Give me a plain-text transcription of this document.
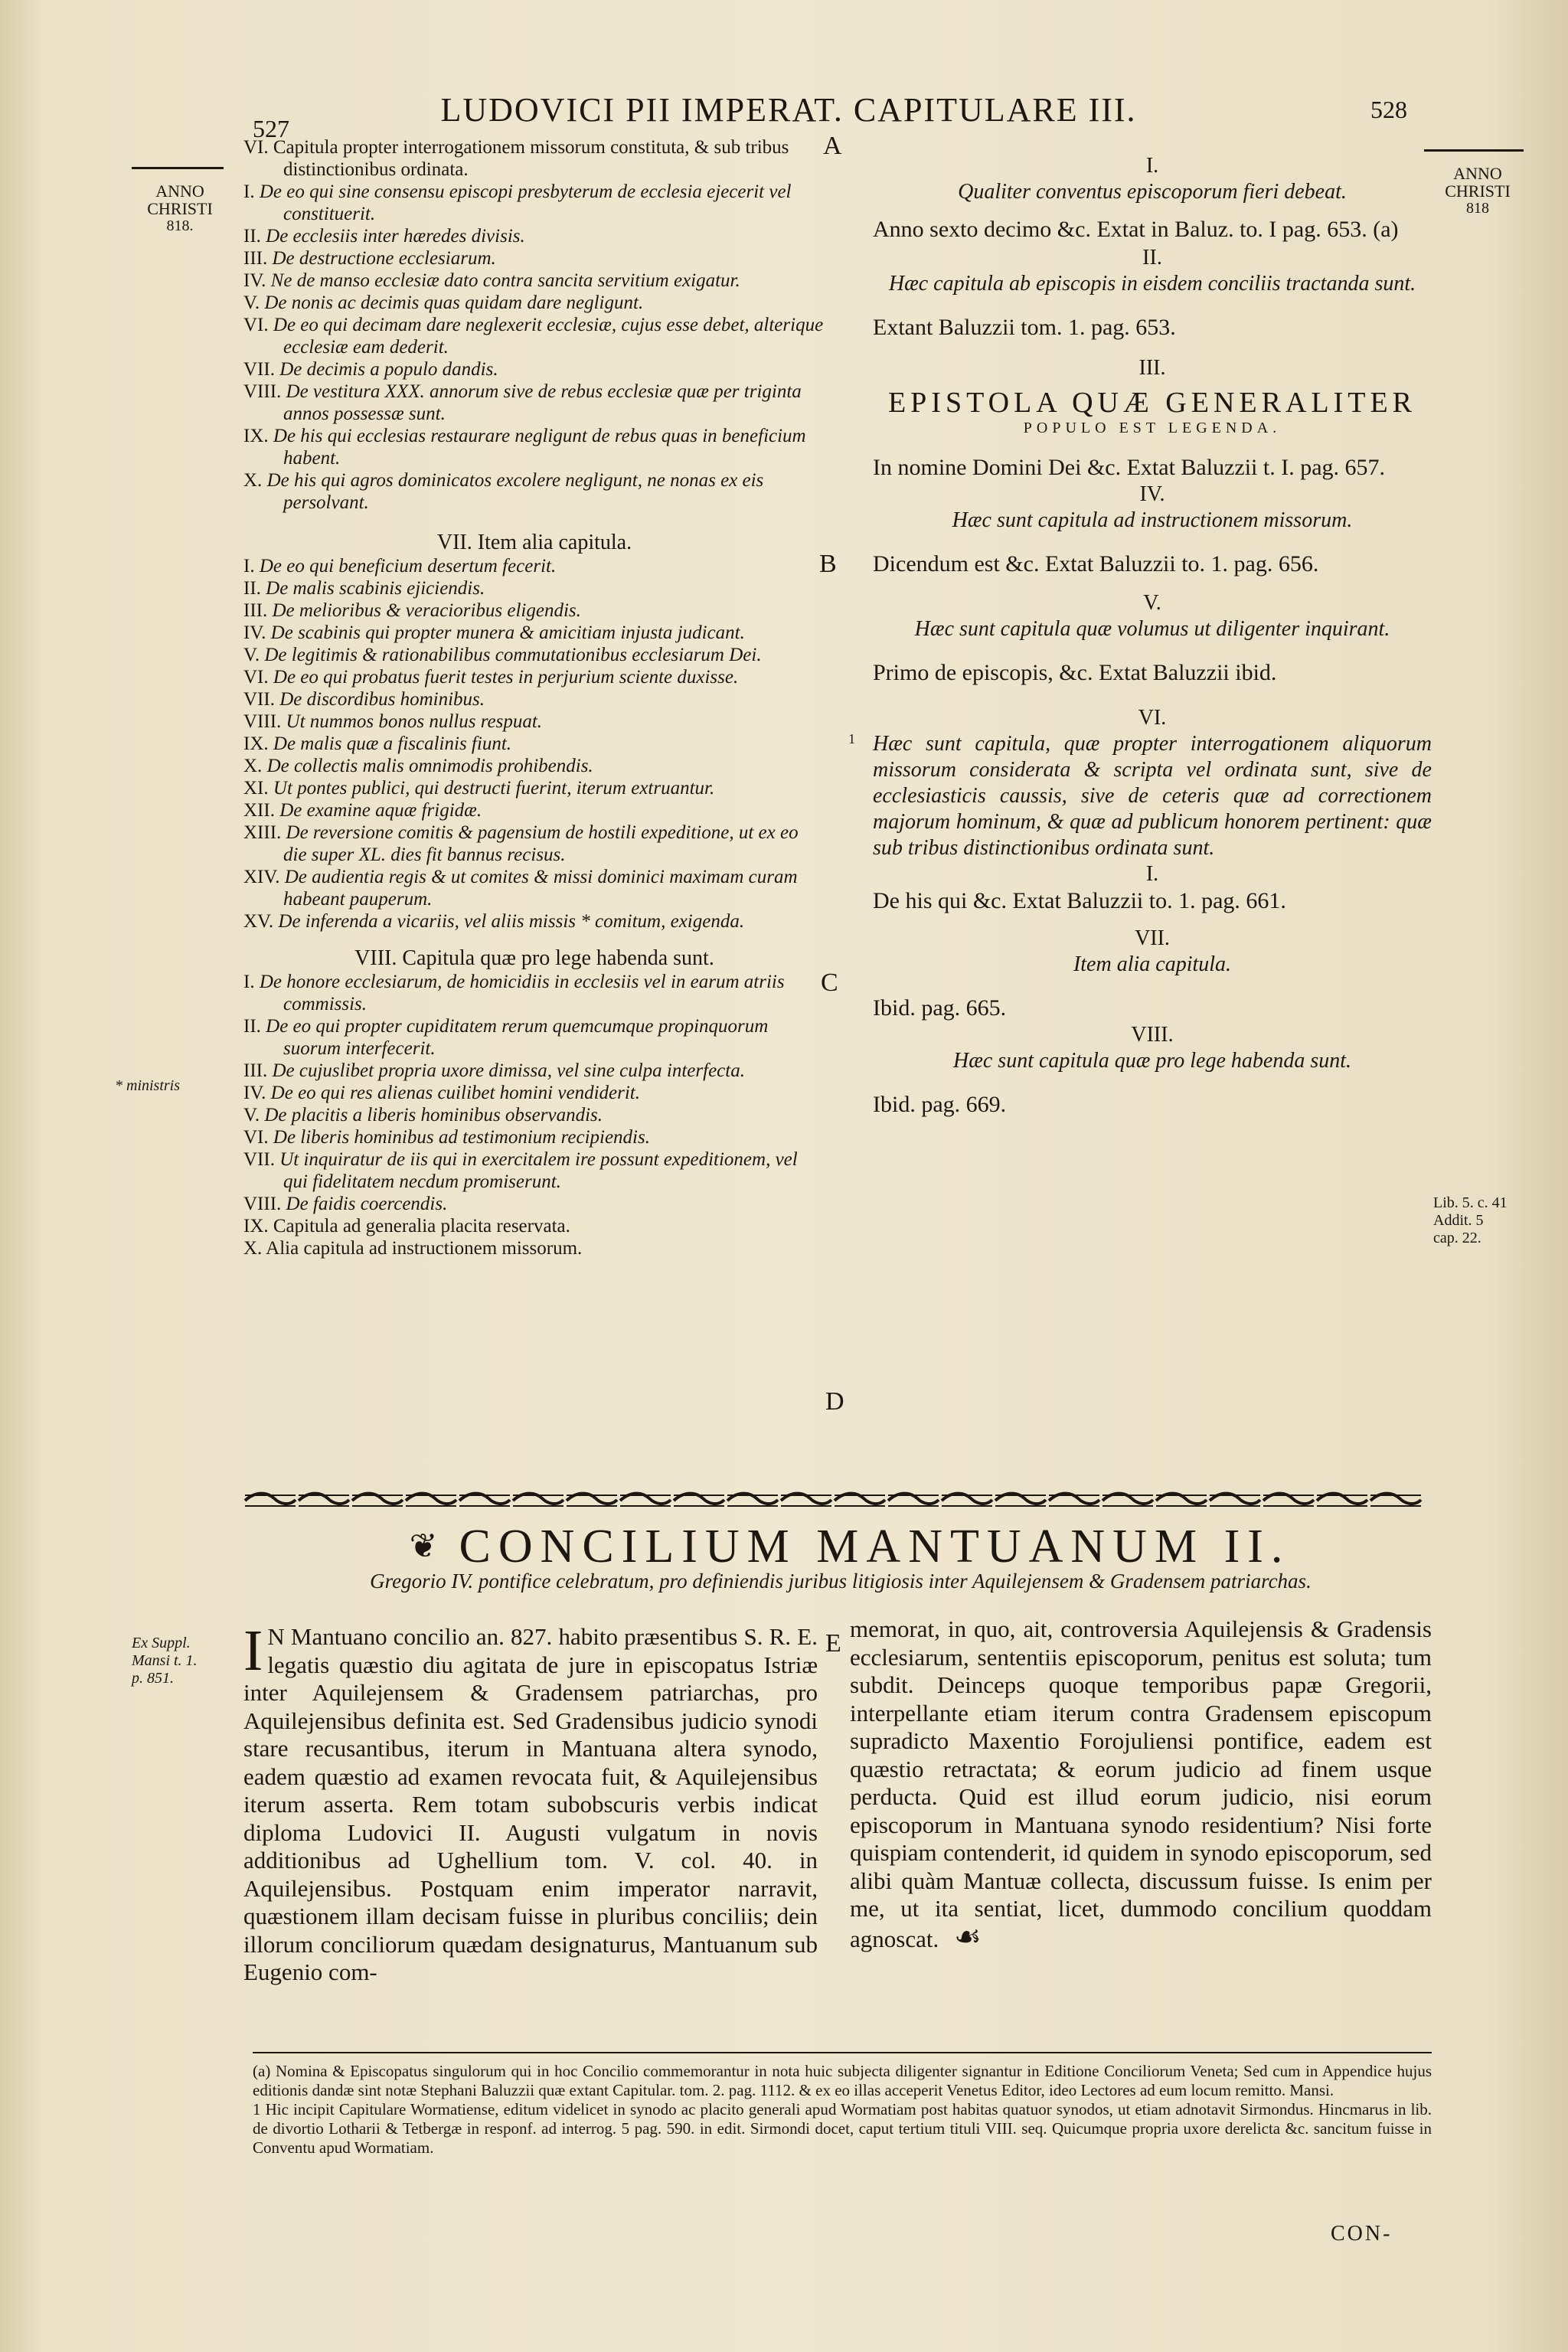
527	LUDOVICI PII IMPERAT. CAPITULARE III.	528
ANNO
CHRISTI
818.
* ministris
ANNO
CHRISTI
818
Lib. 5. c. 41
Addit. 5
cap. 22.
Ex Suppl.
Mansi t. 1.
p. 851.
A
B
C
D
E
VI. Capitula propter interrogationem missorum constituta, & sub tribus distinctionibus ordinata.
I. De eo qui sine consensu episcopi presbyterum de ecclesia ejecerit vel constituerit.
II. De ecclesiis inter hæredes divisis.
III. De destructione ecclesiarum.
IV. Ne de manso ecclesiæ dato contra sancita servitium exigatur.
V. De nonis ac decimis quas quidam dare negligunt.
VI. De eo qui decimam dare neglexerit ecclesiæ, cujus esse debet, alterique ecclesiæ eam dederit.
VII. De decimis a populo dandis.
VIII. De vestitura XXX. annorum sive de rebus ecclesiæ quæ per triginta annos possessæ sunt.
IX. De his qui ecclesias restaurare negligunt de rebus quas in beneficium habent.
X. De his qui agros dominicatos excolere negligunt, ne nonas ex eis persolvant.
VII. Item alia capitula.
I. De eo qui beneficium desertum fecerit.
II. De malis scabinis ejiciendis.
III. De melioribus & veracioribus eligendis.
IV. De scabinis qui propter munera & amicitiam injusta judicant.
V. De legitimis & rationabilibus commutationibus ecclesiarum Dei.
VI. De eo qui probatus fuerit testes in perjurium sciente duxisse.
VII. De discordibus hominibus.
VIII. Ut nummos bonos nullus respuat.
IX. De malis quæ a fiscalinis fiunt.
X. De collectis malis omnimodis prohibendis.
XI. Ut pontes publici, qui destructi fuerint, iterum extruantur.
XII. De examine aquæ frigidæ.
XIII. De reversione comitis & pagensium de hostili expeditione, ut ex eo die super XL. dies fit bannus recisus.
XIV. De audientia regis & ut comites & missi dominici maximam curam habeant pauperum.
XV. De inferenda a vicariis, vel aliis missis * comitum, exigenda.
VIII. Capitula quæ pro lege habenda sunt.
I. De honore ecclesiarum, de homicidiis in ecclesiis vel in earum atriis commissis.
II. De eo qui propter cupiditatem rerum quemcumque propinquorum suorum interfecerit.
III. De cujuslibet propria uxore dimissa, vel sine culpa interfecta.
IV. De eo qui res alienas cuilibet homini vendiderit.
V. De placitis a liberis hominibus observandis.
VI. De liberis hominibus ad testimonium recipiendis.
VII. Ut inquiratur de iis qui in exercitalem ire possunt expeditionem, vel qui fidelitatem necdum promiserunt.
VIII. De faidis coercendis.
IX. Capitula ad generalia placita reservata.
X. Alia capitula ad instructionem missorum.
I.
Qualiter conventus episcoporum fieri debeat.
Anno sexto decimo &c. Extat in Baluz. to. I pag. 653. (a)
II.
Hæc capitula ab episcopis in eisdem conciliis tractanda sunt.
Extant Baluzzii tom. 1. pag. 653.
III.
EPISTOLA QUÆ GENERALITER
POPULO EST LEGENDA.
In nomine Domini Dei &c. Extat Baluzzii t. I. pag. 657.
IV.
Hæc sunt capitula ad instructionem missorum.
Dicendum est &c. Extat Baluzzii to. 1. pag. 656.
V.
Hæc sunt capitula quæ volumus ut diligenter inquirant.
Primo de episcopis, &c. Extat Baluzzii ibid.
VI.
1 Hæc sunt capitula, quæ propter interrogationem aliquorum missorum considerata & scripta vel ordinata sunt, sive de ecclesiasticis caussis, sive de ceteris quæ ad correctionem majorum hominum, & quæ ad publicum honorem pertinent: quæ sub tribus distinctionibus ordinata sunt.
I.
De his qui &c. Extat Baluzzii to. 1. pag. 661.
VII.
Item alia capitula.
Ibid. pag. 665.
VIII.
Hæc sunt capitula quæ pro lege habenda sunt.
Ibid. pag. 669.
❦ CONCILIUM MANTUANUM II.
Gregorio IV. pontifice celebratum, pro definiendis juribus litigiosis inter Aquilejensem & Gradensem patriarchas.
I N Mantuano concilio an. 827. habito præsentibus S. R. E. legatis quæstio diu agitata de jure in episcopatus Istriæ inter Aquilejensem & Gradensem patriarchas, pro Aquilejensibus definita est. Sed Gradensibus judicio synodi stare recusantibus, iterum in Mantuana altera synodo, eadem quæstio ad examen revocata fuit, & Aquilejensibus iterum asserta. Rem totam subobscuris verbis indicat diploma Ludovici II. Augusti vulgatum in novis additionibus ad Ughellium tom. V. col. 40. in Aquilejensibus. Postquam enim imperator narravit, quæstionem illam decisam fuisse in pluribus conciliis; dein illorum conciliorum quædam designaturus, Mantuanum sub Eugenio com-
memorat, in quo, ait, controversia Aquilejensis & Gradensis ecclesiarum, sententiis episcoporum, penitus est soluta; tum subdit. Deinceps quoque temporibus papæ Gregorii, interpellante etiam iterum contra Gradensem episcopum supradicto Maxentio Forojuliensi pontifice, eadem est quæstio retractata; & eorum judicio ad finem usque perducta. Quid est illud eorum judicio, nisi eorum episcoporum in Mantuana synodo residentium? Nisi forte quispiam contenderit, id quidem in synodo episcoporum, sed alibi quàm Mantuæ collecta, discussum fuisse. Is enim per me, ut ita sentiat, licet, dummodo concilium quoddam agnoscat. ☙
(a) Nomina & Episcopatus singulorum qui in hoc Concilio commemorantur in nota huic subjecta diligenter signantur in Editione Conciliorum Veneta; Sed cum in Appendice hujus editionis dandæ sint notæ Stephani Baluzzii quæ extant Capitular. tom. 2. pag. 1112. & ex eo illas acceperit Venetus Editor, ideo Lectores ad eum locum remitto. Mansi.
1 Hic incipit Capitulare Wormatiense, editum videlicet in synodo ac placito generali apud Wormatiam post habitas quatuor synodos, ut etiam adnotavit Sirmondus. Hincmarus in lib. de divortio Lotharii & Tetbergæ in responf. ad interrog. 5 pag. 590. in edit. Sirmondi docet, caput tertium tituli VIII. seq. Quicumque propria uxore derelicta &c. sancitum fuisse in Conventu apud Wormatiam.
CON-
